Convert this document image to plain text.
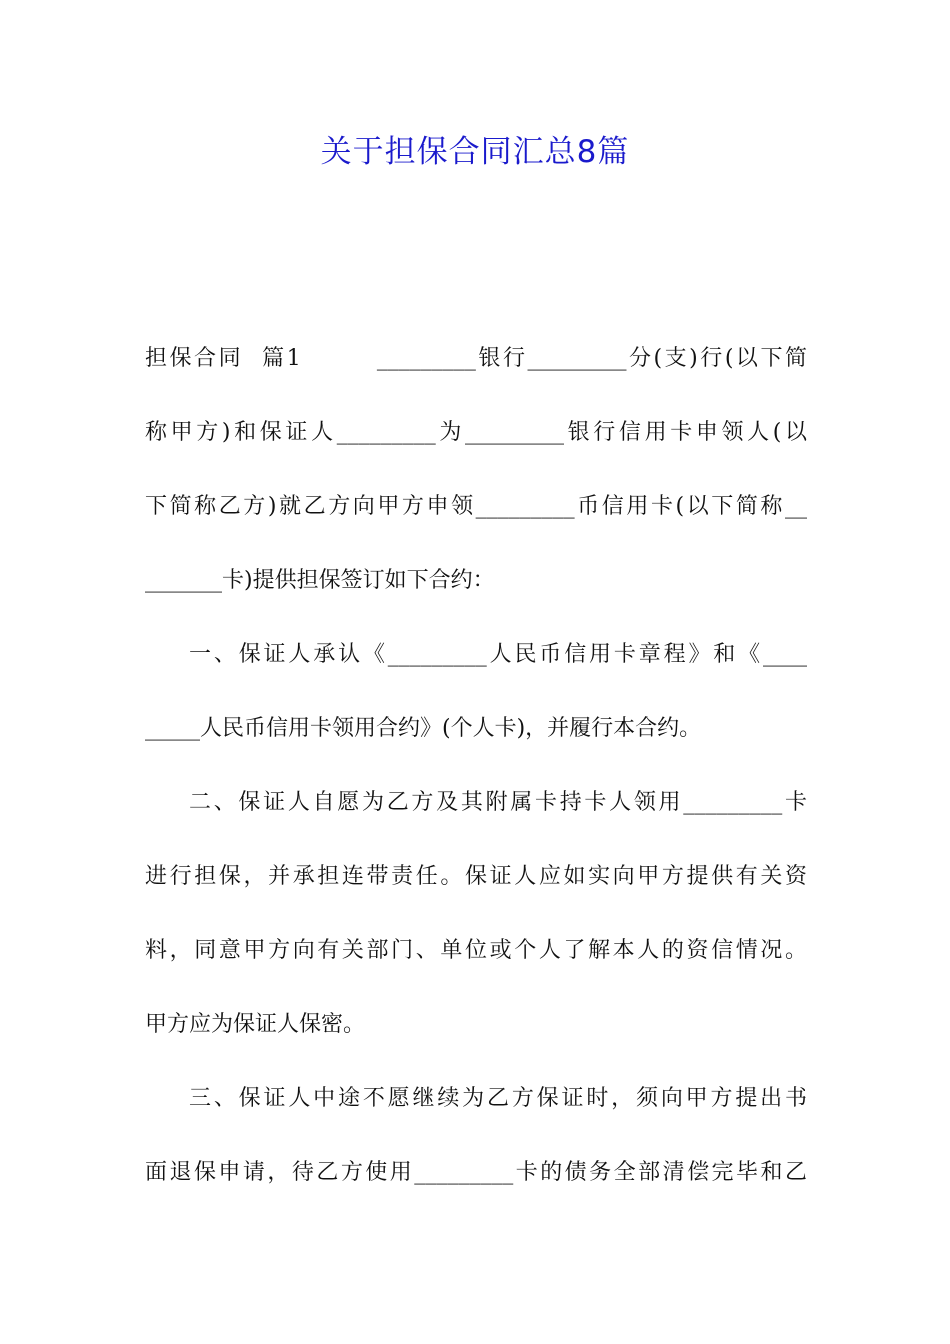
关于担保合同汇总8篇
担保合同  篇1        _________银行_________分(支)行(以下简
称甲方)和保证人_________为_________银行信用卡申领人(以
下简称乙方)就乙方向甲方申领_________币信用卡(以下简称__
_______卡)提供担保签订如下合约：
一、保证人承认《_________人民币信用卡章程》和《____
_____人民币信用卡领用合约》(个人卡)，并履行本合约。
二、保证人自愿为乙方及其附属卡持卡人领用_________卡
进行担保，并承担连带责任。保证人应如实向甲方提供有关资
料，同意甲方向有关部门、单位或个人了解本人的资信情况。
甲方应为保证人保密。
三、保证人中途不愿继续为乙方保证时，须向甲方提出书
面退保申请，待乙方使用_________卡的债务全部清偿完毕和乙
